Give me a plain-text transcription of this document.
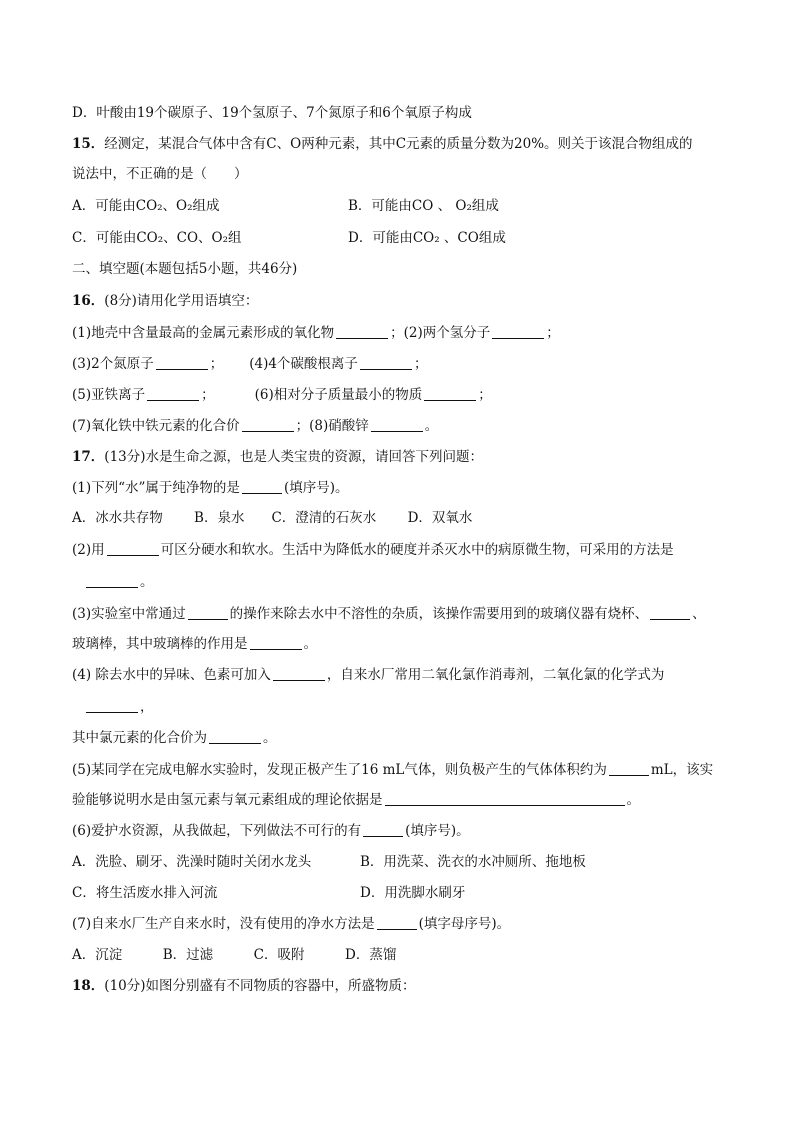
D．叶酸由19个碳原子、19个氢原子、7个氮原子和6个氧原子构成
15．经测定，某混合气体中含有C、O两种元素，其中C元素的质量分数为20%。则关于该混合物组成的
说法中，不正确的是（　　）
A．可能由CO₂、O₂组成	B．可能由CO 、 O₂组成
C．可能由CO₂、CO、O₂组	D．可能由CO₂ 、CO组成
二、填空题(本题包括5小题，共46分)
16．(8分)请用化学用语填空：
(1)地壳中含量最高的金属元素形成的氧化物	；(2)两个氢分子	；
(3)2个氮原子	； (4)4个碳酸根离子	；
(5)亚铁离子	；	(6)相对分子质量最小的物质	；
(7)氧化铁中铁元素的化合价	；(8)硝酸锌	。
17．(13分)水是生命之源，也是人类宝贵的资源，请回答下列问题：
(1)下列“水”属于纯净物的是	(填序号)。
A．冰水共存物　　 B．泉水　　C．澄清的石灰水　　 D．双氧水
(2)用	可区分硬水和软水。生活中为降低水的硬度并杀灭水中的病原微生物，可采用的方法是
。
(3)实验室中常通过	的操作来除去水中不溶性的杂质，该操作需要用到的玻璃仪器有烧杯、	、
玻璃棒，其中玻璃棒的作用是	。
(4) 除去水中的异味、色素可加入	，自来水厂常用二氧化氯作消毒剂，二氧化氯的化学式为
，
其中氯元素的化合价为	。
(5)某同学在完成电解水实验时，发现正极产生了16 mL气体，则负极产生的气体体积约为	mL，该实
验能够说明水是由氢元素与氧元素组成的理论依据是	。
(6)爱护水资源，从我做起，下列做法不可行的有	(填序号)。
A．洗脸、刷牙、洗澡时随时关闭水龙头	B．用洗菜、洗衣的水冲厕所、拖地板
C．将生活废水排入河流	D．用洗脚水刷牙
(7)自来水厂生产自来水时，没有使用的净水方法是	(填字母序号)。
A．沉淀　　　B．过滤　　　C．吸附　　　D．蒸馏
18．(10分)如图分别盛有不同物质的容器中，所盛物质：
